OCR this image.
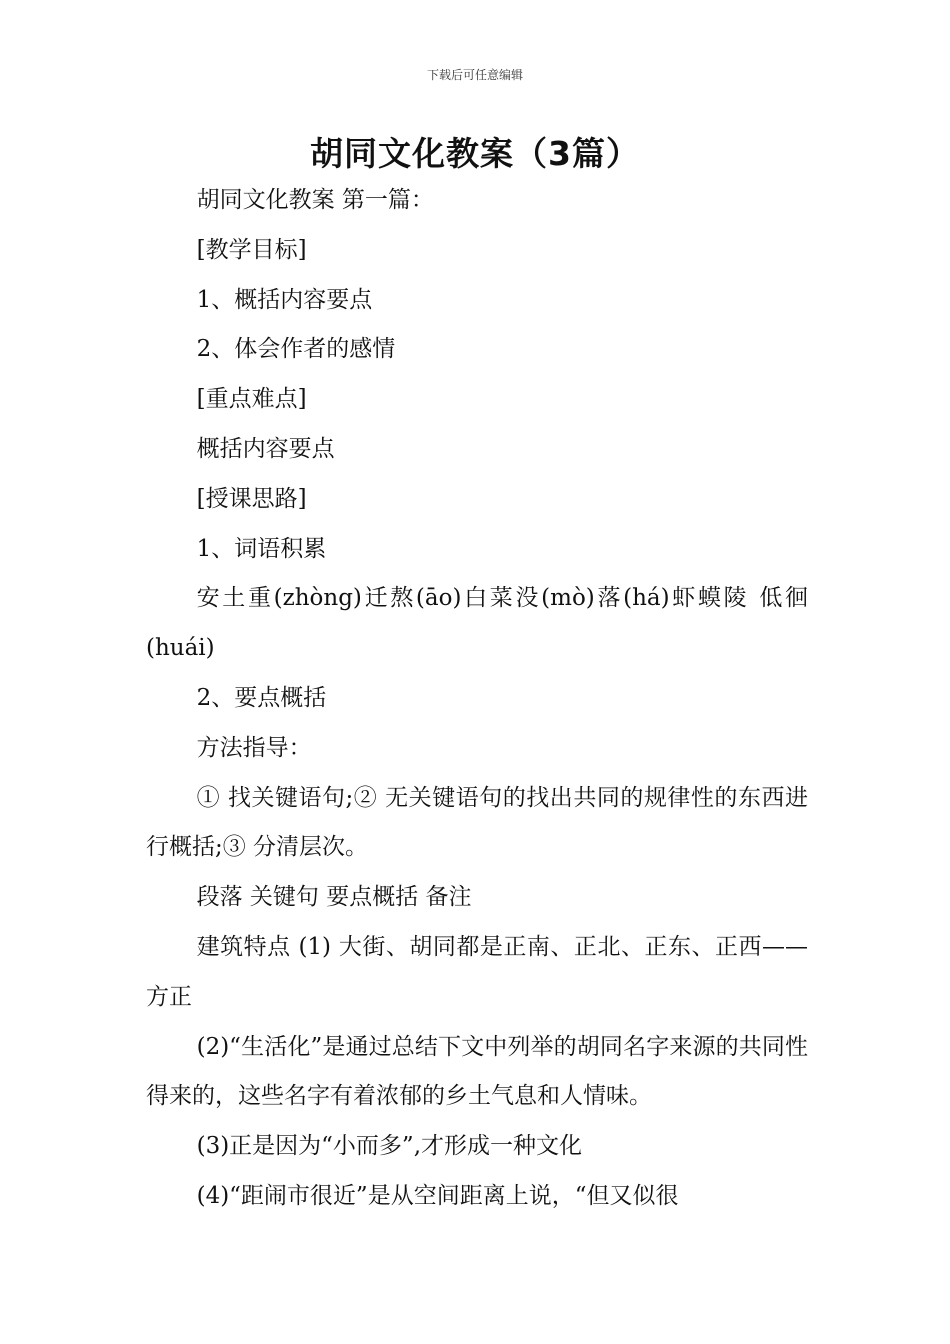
下载后可任意编辑
胡同文化教案（3篇）

胡同文化教案 第一篇：

[教学目标]

1、概括内容要点

2、体会作者的感情

[重点难点]

概括内容要点

[授课思路]

1、词语积累

安土重(zhòng)迁熬(āo)白菜没(mò)落(há)虾蟆陵 低徊(huái)

2、要点概括

方法指导：

① 找关键语句;② 无关键语句的找出共同的规律性的东西进行概括;③ 分清层次。

段落 关键句 要点概括 备注

建筑特点 (1) 大街、胡同都是正南、正北、正东、正西——方正

(2)“生活化”是通过总结下文中列举的胡同名字来源的共同性得来的，这些名字有着浓郁的乡土气息和人情味。

(3)正是因为“小而多”,才形成一种文化

(4)“距闹市很近”是从空间距离上说，“但又似很
